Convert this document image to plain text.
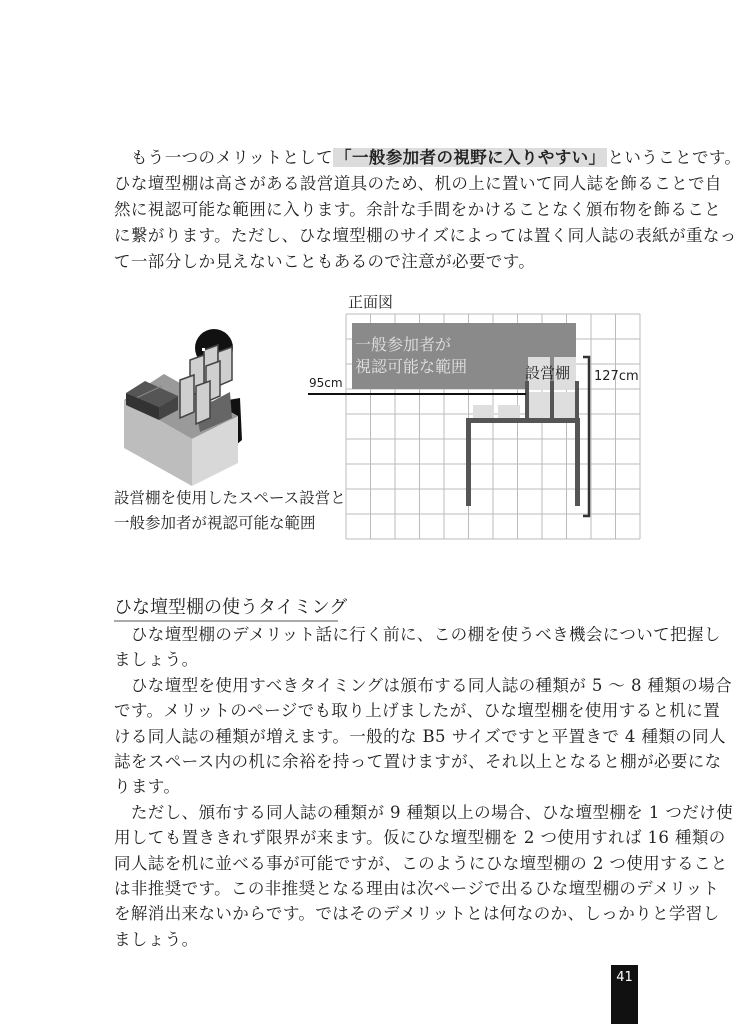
　もう一つのメリットとして 「一般参加者の視野に入りやすい」 ということです。
ひな壇型棚は高さがある設営道具のため、机の上に置いて同人誌を飾ることで自
然に視認可能な範囲に入ります。余計な手間をかけることなく頒布物を飾ること
に繋がります。ただし、ひな壇型棚のサイズによっては置く同人誌の表紙が重なっ
て一部分しか見えないこともあるので注意が必要です。
正面図
一般参加者が
視認可能な範囲	設営棚
95cm	127cm
設営棚を使用したスペース設営と
一般参加者が視認可能な範囲
ひな壇型棚の使うタイミング
　ひな壇型棚のデメリット話に行く前に、この棚を使うべき機会について把握し
ましょう。
　ひな壇型を使用すべきタイミングは頒布する同人誌の種類が 5 ～ 8 種類の場合
です。メリットのページでも取り上げましたが、ひな壇型棚を使用すると机に置
ける同人誌の種類が増えます。一般的な B5 サイズですと平置きで 4 種類の同人
誌をスペース内の机に余裕を持って置けますが、それ以上となると棚が必要にな
ります。
　ただし、頒布する同人誌の種類が 9 種類以上の場合、ひな壇型棚を 1 つだけ使
用しても置ききれず限界が来ます。仮にひな壇型棚を 2 つ使用すれば 16 種類の
同人誌を机に並べる事が可能ですが、このようにひな壇型棚の 2 つ使用すること
は非推奨です。この非推奨となる理由は次ページで出るひな壇型棚のデメリット
を解消出来ないからです。ではそのデメリットとは何なのか、しっかりと学習し
ましょう。
41
